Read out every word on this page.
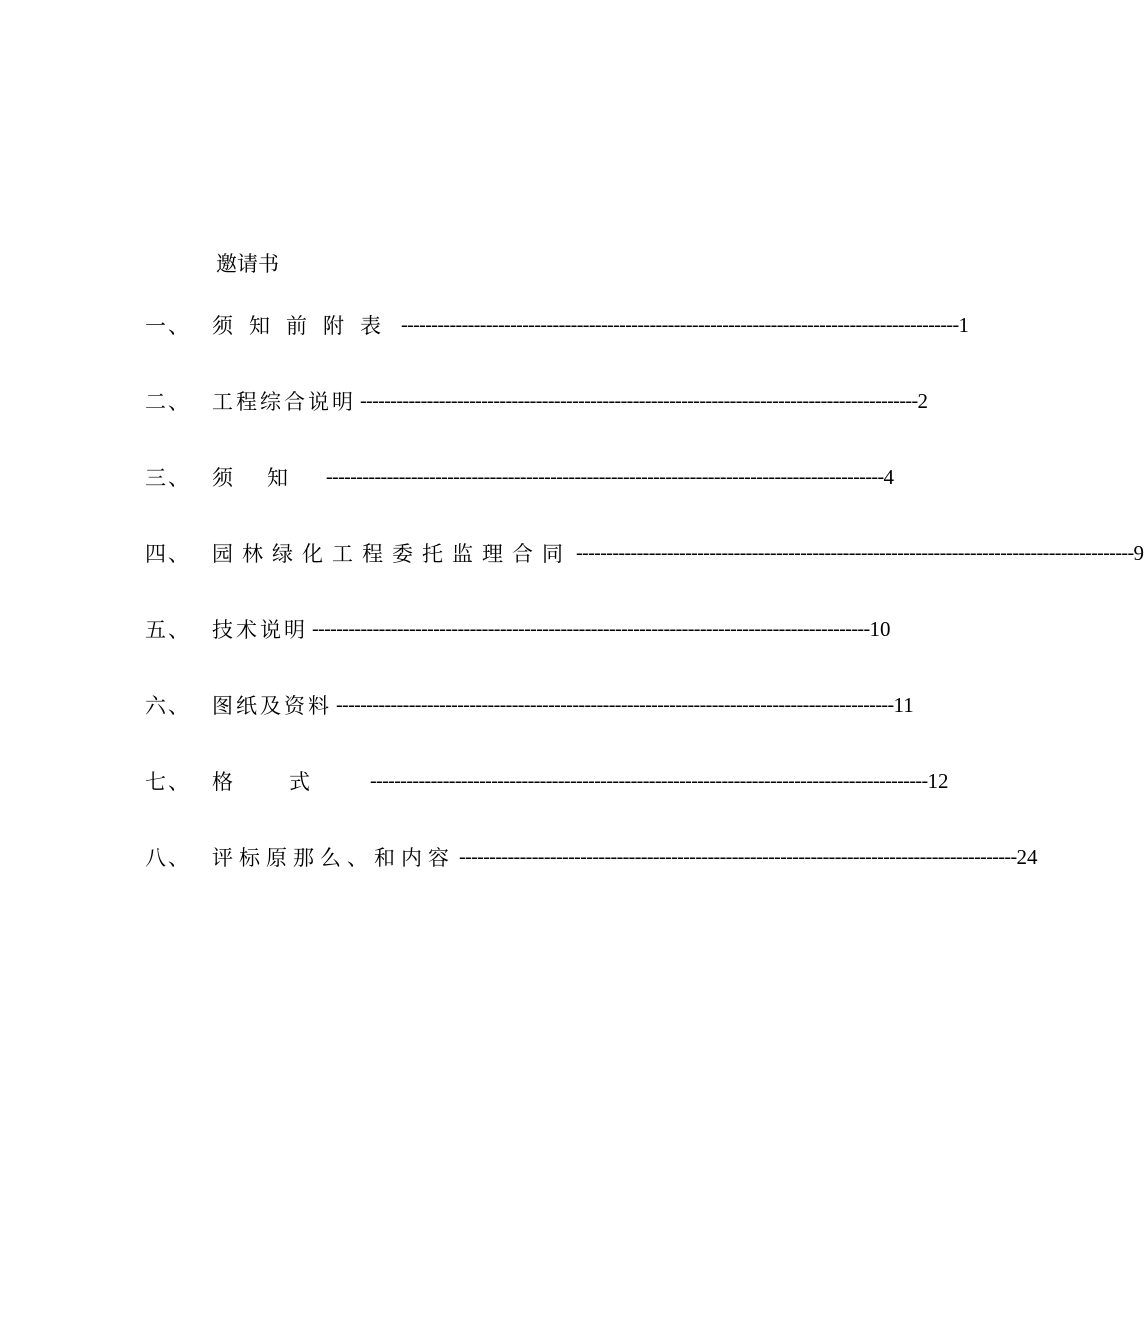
邀请书
一、	须知前附表 -------------------------------------------------------------------------------------------- 1
二、	工程综合说明 -------------------------------------------------------------------------------------------- 2
三、	须知 -------------------------------------------------------------------------------------------- 4
四、	园林绿化工程委托监理合同 -------------------------------------------------------------------------------------------- 9
五、	技术说明 -------------------------------------------------------------------------------------------- 10
六、	图纸及资料 -------------------------------------------------------------------------------------------- 11
七、	格式 -------------------------------------------------------------------------------------------- 12
八、	评标原那么、和内容 -------------------------------------------------------------------------------------------- 24
